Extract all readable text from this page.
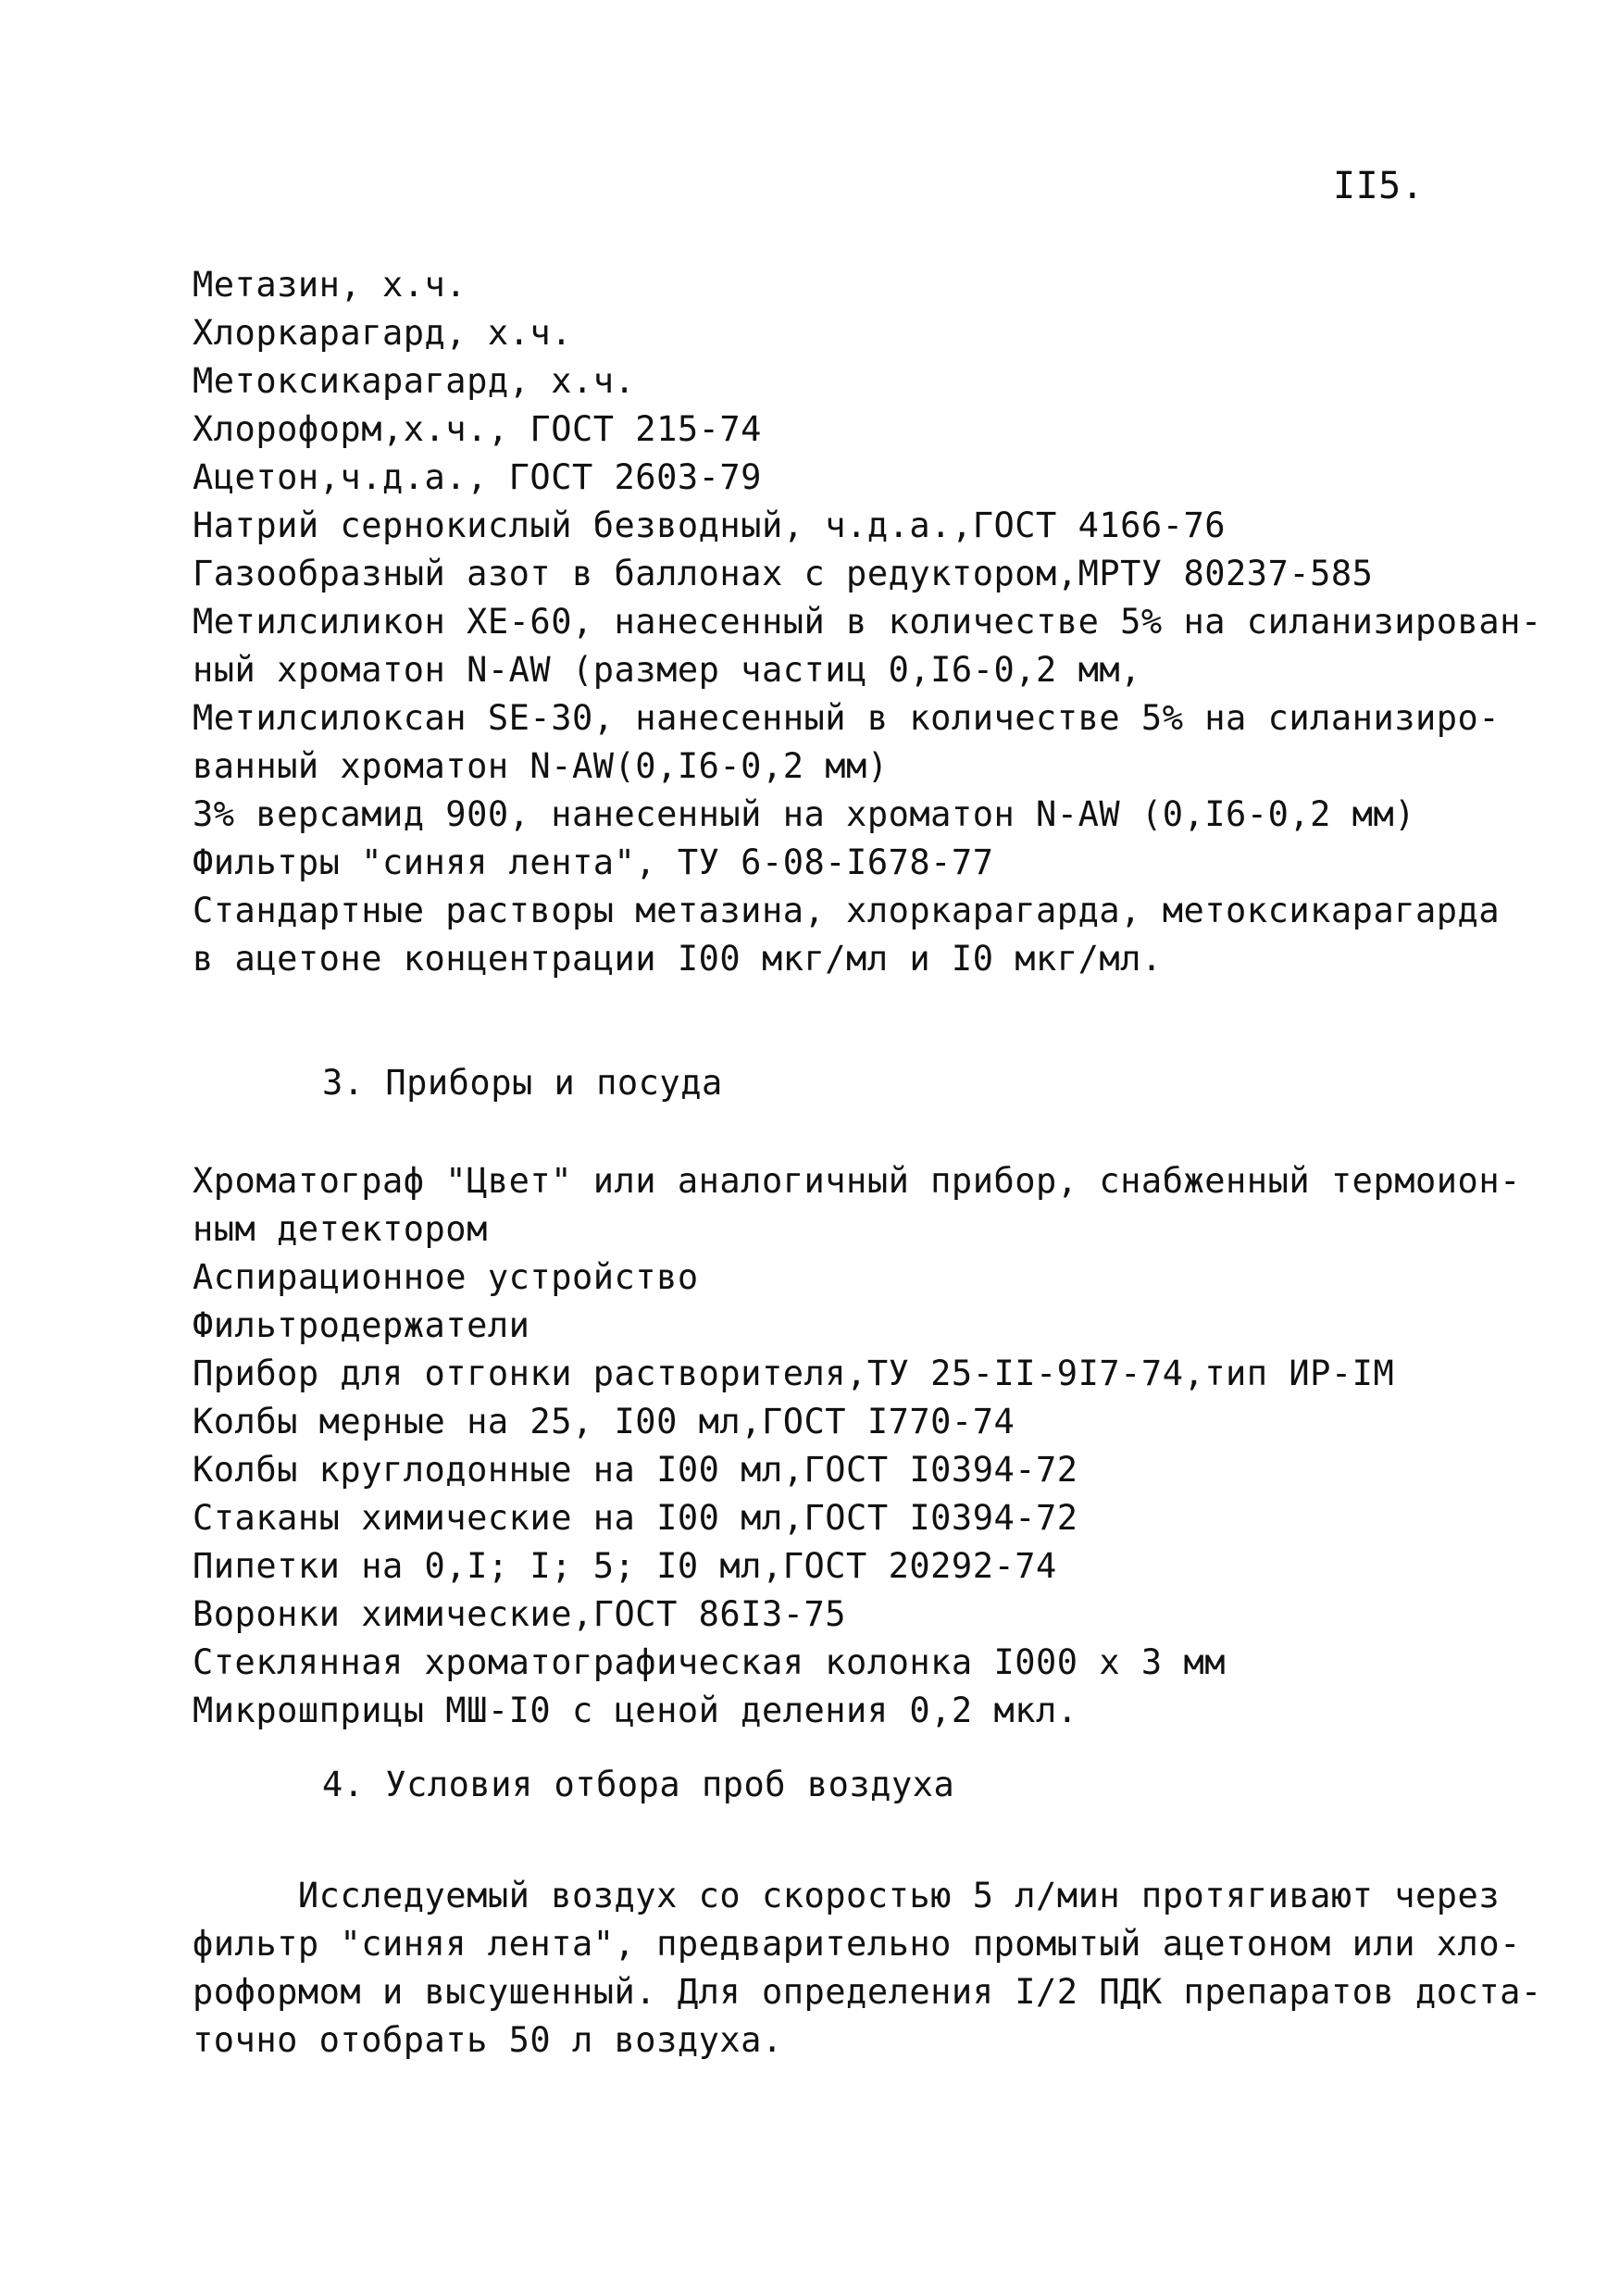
II5.
Метазин, х.ч.
Хлоркарагард, х.ч.
Метоксикарагард, х.ч.
Хлороформ,х.ч., ГОСТ 215-74
Ацетон,ч.д.а., ГОСТ 2603-79
Натрий сернокислый безводный, ч.д.а.,ГОСТ 4166-76
Газообразный азот в баллонах с редуктором,МРТУ 80237-585
Метилсиликон ХЕ-60, нанесенный в количестве 5% на силанизирован-
ный хроматон N-AW (размер частиц 0,I6-0,2 мм,
Метилсилоксан SE-30, нанесенный в количестве 5% на силанизиро-
ванный хроматон N-AW(0,I6-0,2 мм)
3% версамид 900, нанесенный на хроматон N-AW (0,I6-0,2 мм)
Фильтры "синяя лента", ТУ 6-08-I678-77
Стандартные растворы метазина, хлоркарагарда, метоксикарагарда
в ацетоне концентрации I00 мкг/мл и I0 мкг/мл.
3. Приборы и посуда
Хроматограф "Цвет" или аналогичный прибор, снабженный термоион-
ным детектором
Аспирационное устройство
Фильтродержатели
Прибор для отгонки растворителя,ТУ 25-II-9I7-74,тип ИР-IМ
Колбы мерные на 25, I00 мл,ГОСТ I770-74
Колбы круглодонные на I00 мл,ГОСТ I0394-72
Стаканы химические на I00 мл,ГОСТ I0394-72
Пипетки на 0,I; I; 5; I0 мл,ГОСТ 20292-74
Воронки химические,ГОСТ 86I3-75
Стеклянная хроматографическая колонка I000 х 3 мм
Микрошприцы МШ-I0 с ценой деления 0,2 мкл.
4. Условия отбора проб воздуха
Исследуемый воздух со скоростью 5 л/мин протягивают через
фильтр "синяя лента", предварительно промытый ацетоном или хло-
роформом и высушенный. Для определения I/2 ПДК препаратов доста-
точно отобрать 50 л воздуха.
